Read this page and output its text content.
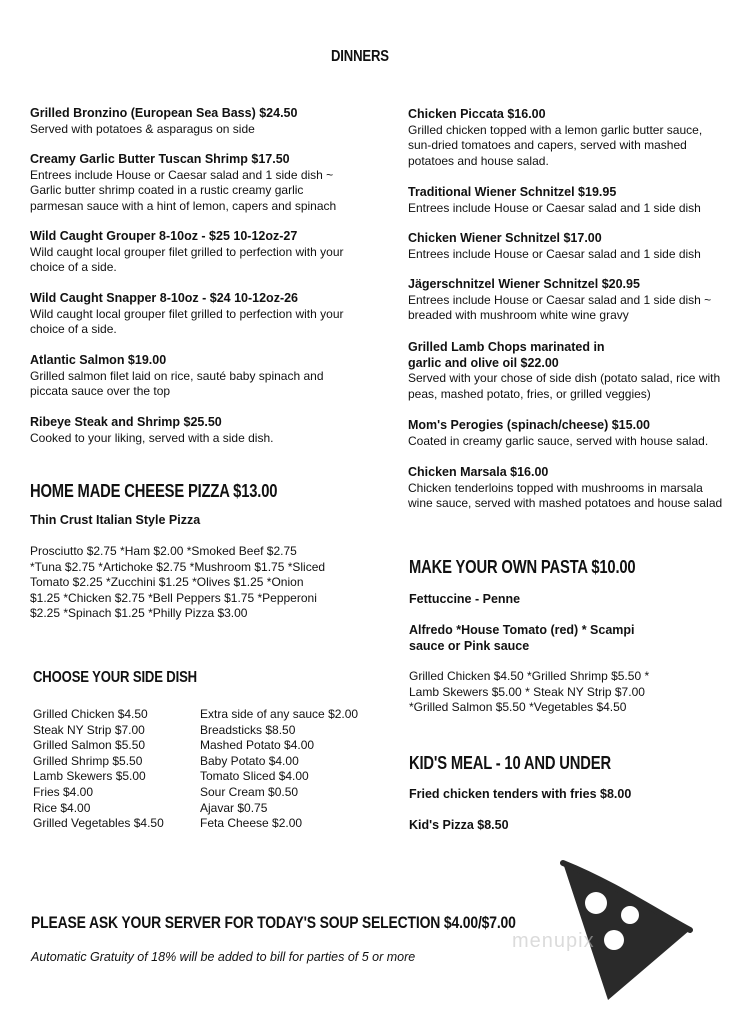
DINNERS
Grilled Bronzino (European Sea Bass) $24.50
Served with potatoes & asparagus on side
Creamy Garlic Butter Tuscan Shrimp $17.50
Entrees include House or Caesar salad and 1 side dish ~ Garlic butter shrimp coated in a rustic creamy garlic parmesan sauce with a hint of lemon, capers and spinach
Wild Caught Grouper 8-10oz - $25 10-12oz-27
Wild caught local grouper filet grilled to perfection with your choice of a side.
Wild Caught Snapper 8-10oz - $24 10-12oz-26
Wild caught local grouper filet grilled to perfection with your choice of a side.
Atlantic Salmon $19.00
Grilled salmon filet laid on rice, sauté baby spinach and piccata sauce over the top
Ribeye Steak and Shrimp $25.50
Cooked to your liking, served with a side dish.
Chicken Piccata $16.00
Grilled chicken topped with a lemon garlic butter sauce, sun-dried tomatoes and capers, served with mashed potatoes and house salad.
Traditional Wiener Schnitzel $19.95
Entrees include House or Caesar salad and 1 side dish
Chicken Wiener Schnitzel $17.00
Entrees include House or Caesar salad and 1 side dish
Jägerschnitzel Wiener Schnitzel $20.95
Entrees include House or Caesar salad and 1 side dish ~ breaded with mushroom white wine gravy
Grilled Lamb Chops marinated in garlic and olive oil $22.00
Served with your chose of side dish (potato salad, rice with peas, mashed potato, fries, or grilled veggies)
Mom's Perogies (spinach/cheese) $15.00
Coated in creamy garlic sauce, served with house salad.
Chicken Marsala $16.00
Chicken tenderloins topped with mushrooms in marsala wine sauce, served with mashed potatoes and house salad
HOME MADE CHEESE PIZZA $13.00
Thin Crust Italian Style Pizza
Prosciutto $2.75 *Ham $2.00 *Smoked Beef $2.75 *Tuna $2.75 *Artichoke $2.75 *Mushroom $1.75 *Sliced Tomato $2.25 *Zucchini $1.25 *Olives $1.25 *Onion $1.25 *Chicken $2.75 *Bell Peppers $1.75 *Pepperoni $2.25 *Spinach $1.25 *Philly Pizza $3.00
CHOOSE YOUR SIDE DISH
Grilled Chicken $4.50
Steak NY Strip $7.00
Grilled Salmon $5.50
Grilled Shrimp $5.50
Lamb Skewers $5.00
Fries $4.00
Rice $4.00
Grilled Vegetables $4.50
Extra side of any sauce $2.00
Breadsticks $8.50
Mashed Potato $4.00
Baby Potato $4.00
Tomato Sliced $4.00
Sour Cream $0.50
Ajavar $0.75
Feta Cheese $2.00
MAKE YOUR OWN PASTA $10.00
Fettuccine - Penne
Alfredo *House Tomato (red) * Scampi sauce or Pink sauce
Grilled Chicken $4.50 *Grilled Shrimp $5.50 * Lamb Skewers $5.00 * Steak NY Strip $7.00 *Grilled Salmon $5.50 *Vegetables $4.50
KID'S MEAL - 10 AND UNDER
Fried chicken tenders with fries $8.00
Kid's Pizza $8.50
PLEASE ASK YOUR SERVER FOR TODAY'S SOUP SELECTION $4.00/$7.00
Automatic Gratuity of 18% will be added to bill for parties of 5 or more
menupix
